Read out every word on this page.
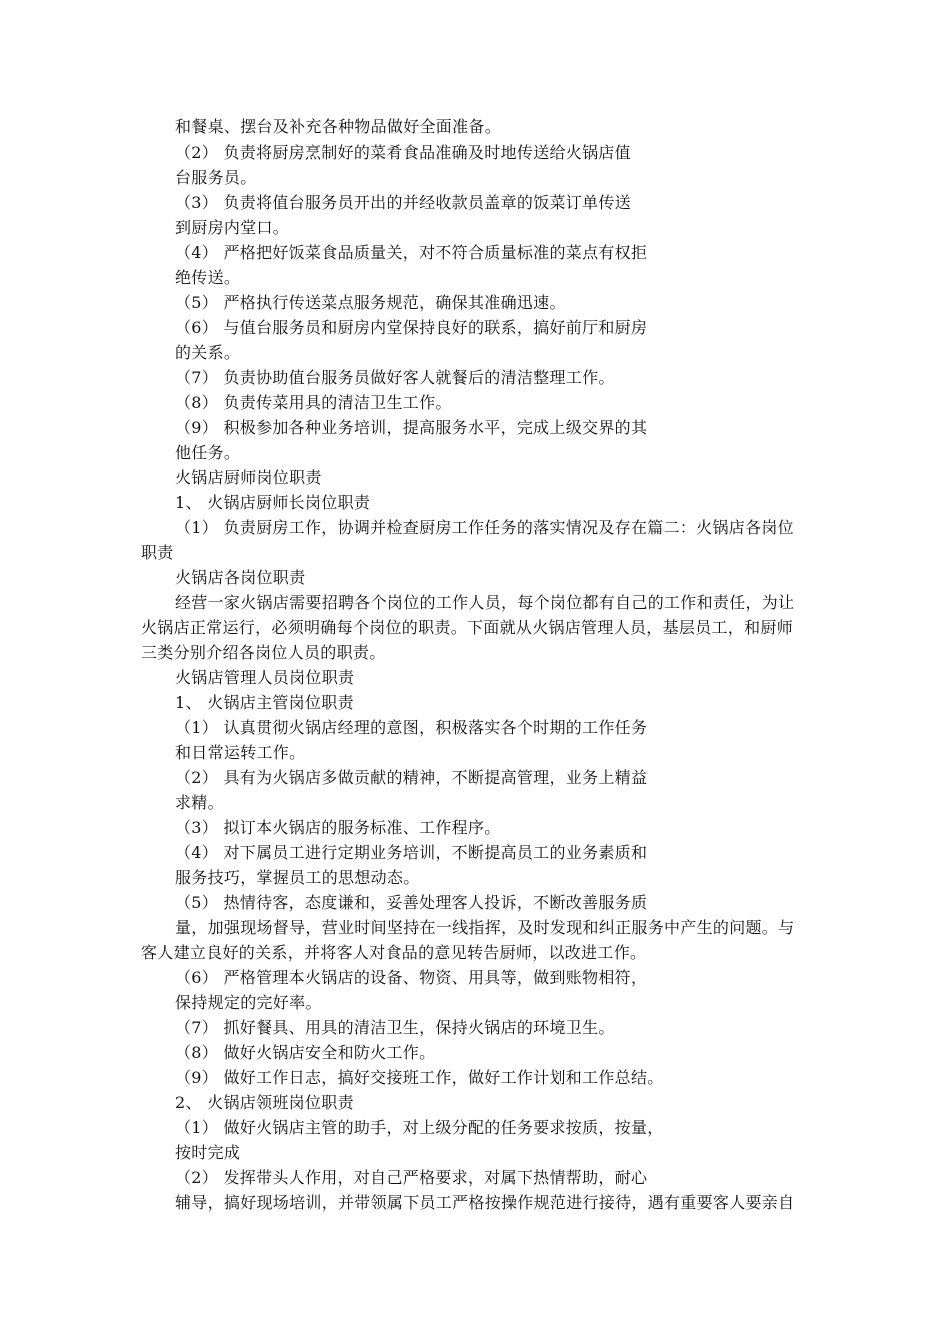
和餐桌、摆台及补充各种物品做好全面准备。
（2） 负责将厨房烹制好的菜肴食品准确及时地传送给火锅店值
台服务员。
（3） 负责将值台服务员开出的并经收款员盖章的饭菜订单传送
到厨房内堂口。
（4） 严格把好饭菜食品质量关，对不符合质量标准的菜点有权拒
绝传送。
（5） 严格执行传送菜点服务规范，确保其准确迅速。
（6） 与值台服务员和厨房内堂保持良好的联系，搞好前厅和厨房
的关系。
（7） 负责协助值台服务员做好客人就餐后的清洁整理工作。
（8） 负责传菜用具的清洁卫生工作。
（9） 积极参加各种业务培训，提高服务水平，完成上级交界的其
他任务。
火锅店厨师岗位职责
1、 火锅店厨师长岗位职责
（1） 负责厨房工作，协调并检查厨房工作任务的落实情况及存在篇二：火锅店各岗位
职责
火锅店各岗位职责
经营一家火锅店需要招聘各个岗位的工作人员，每个岗位都有自己的工作和责任，为让
火锅店正常运行，必须明确每个岗位的职责。下面就从火锅店管理人员，基层员工，和厨师
三类分别介绍各岗位人员的职责。
火锅店管理人员岗位职责
1、 火锅店主管岗位职责
（1） 认真贯彻火锅店经理的意图，积极落实各个时期的工作任务
和日常运转工作。
（2） 具有为火锅店多做贡献的精神，不断提高管理，业务上精益
求精。
（3） 拟订本火锅店的服务标准、工作程序。
（4） 对下属员工进行定期业务培训，不断提高员工的业务素质和
服务技巧，掌握员工的思想动态。
（5） 热情待客，态度谦和，妥善处理客人投诉，不断改善服务质
量，加强现场督导，营业时间坚持在一线指挥，及时发现和纠正服务中产生的问题。与
客人建立良好的关系，并将客人对食品的意见转告厨师，以改进工作。
（6） 严格管理本火锅店的设备、物资、用具等，做到账物相符，
保持规定的完好率。
（7） 抓好餐具、用具的清洁卫生，保持火锅店的环境卫生。
（8） 做好火锅店安全和防火工作。
（9） 做好工作日志，搞好交接班工作，做好工作计划和工作总结。
2、 火锅店领班岗位职责
（1） 做好火锅店主管的助手，对上级分配的任务要求按质，按量，
按时完成
（2） 发挥带头人作用，对自己严格要求，对属下热情帮助，耐心
辅导，搞好现场培训，并带领属下员工严格按操作规范进行接待，遇有重要客人要亲自
